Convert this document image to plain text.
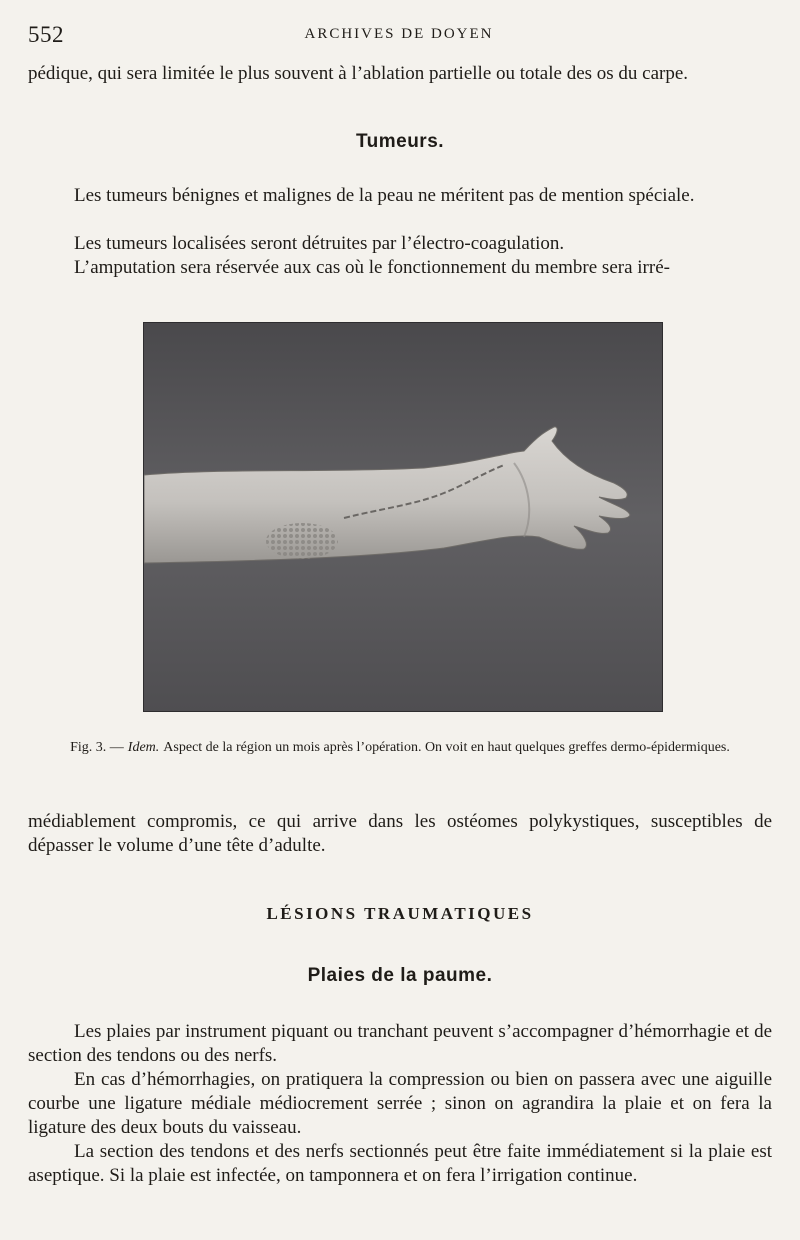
552	ARCHIVES DE DOYEN

pédique, qui sera limitée le plus souvent à l’ablation partielle ou totale des os du carpe.

Tumeurs.

Les tumeurs bénignes et malignes de la peau ne méritent pas de mention spéciale.

Les tumeurs localisées seront détruites par l’électro-coagulation.

L’amputation sera réservée aux cas où le fonctionnement du membre sera irré-

Fig. 3. — Idem. Aspect de la région un mois après l’opération. On voit en haut quelques greffes dermo-épidermiques.

médiablement compromis, ce qui arrive dans les ostéomes polykystiques, susceptibles de dépasser le volume d’une tête d’adulte.

LÉSIONS TRAUMATIQUES
Plaies de la paume.

Les plaies par instrument piquant ou tranchant peuvent s’accompagner d’hémorrhagie et de section des tendons ou des nerfs.

En cas d’hémorrhagies, on pratiquera la compression ou bien on passera avec une aiguille courbe une ligature médiale médiocrement serrée ; sinon on agrandira la plaie et on fera la ligature des deux bouts du vaisseau.

La section des tendons et des nerfs sectionnés peut être faite immédiatement si la plaie est aseptique. Si la plaie est infectée, on tamponnera et on fera l’irrigation continue.
